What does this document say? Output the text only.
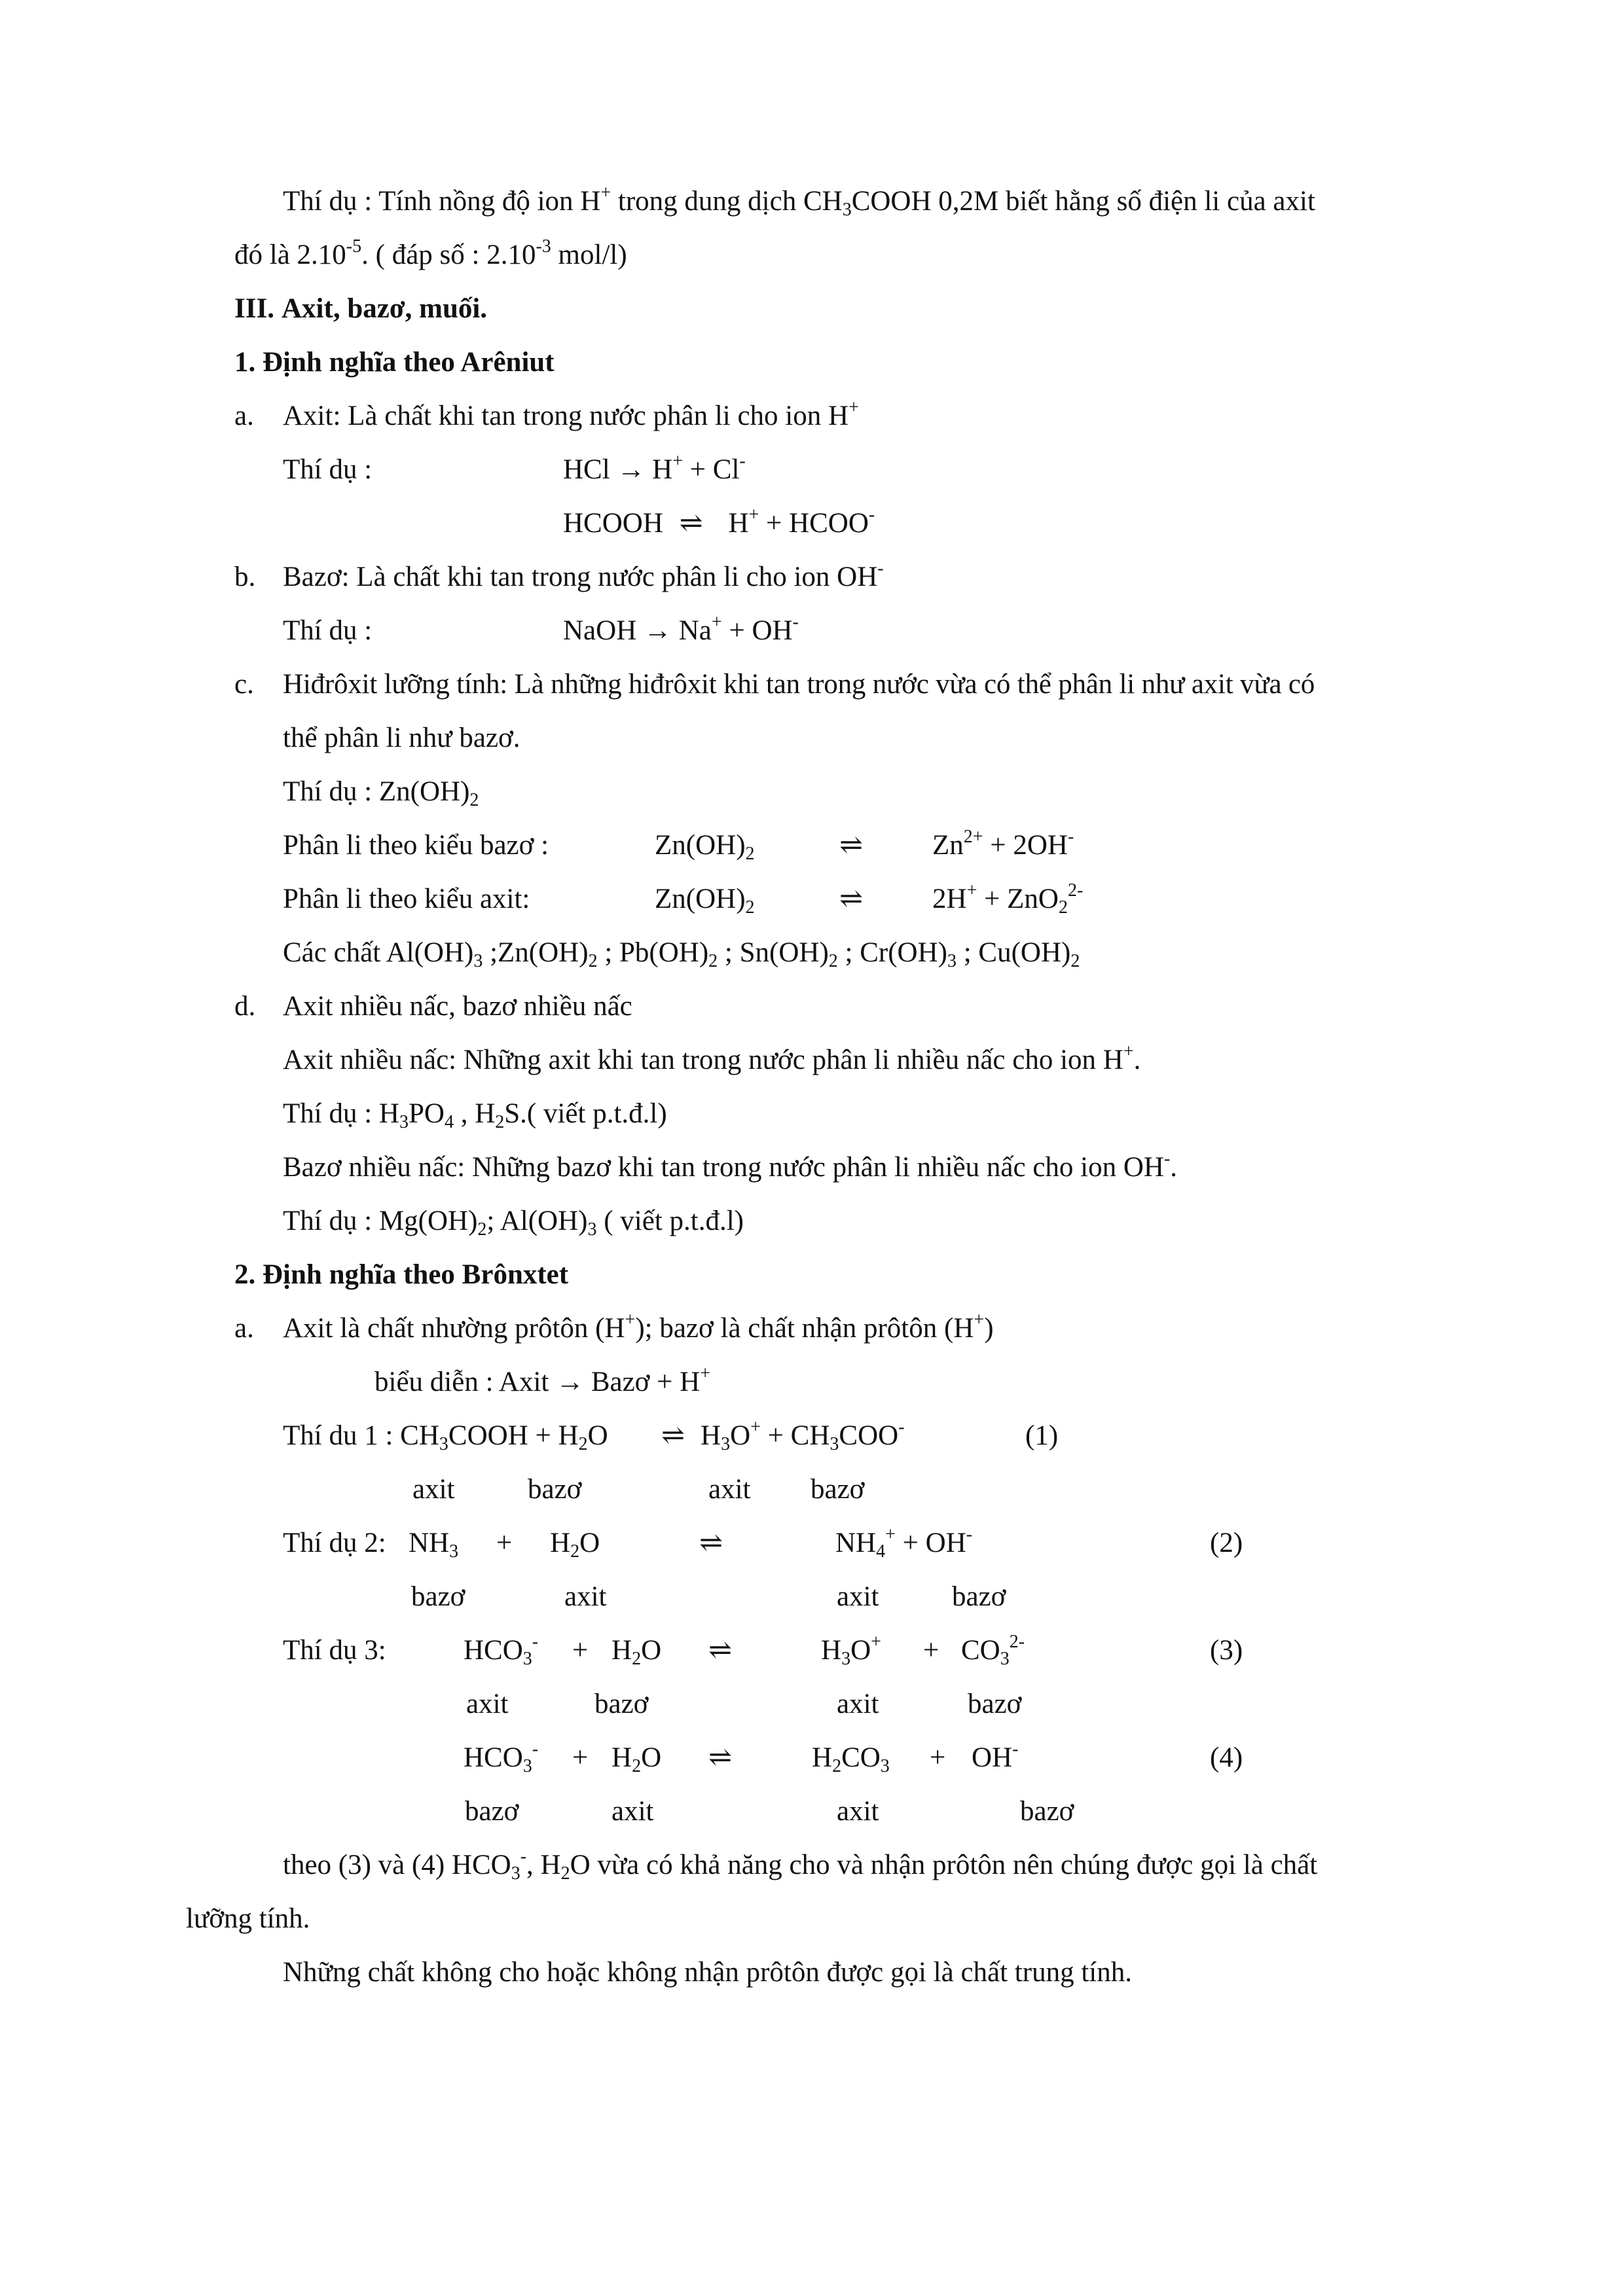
Thí dụ : Tính nồng độ ion H+ trong dung dịch $CH_3COOH$ 0,2M biết hằng số điện li của axit
đó là $2.10^{-5}$. ( đáp số : $2.10^{-3}$ mol/l)
III. Axit, bazơ, muối.
1. Định nghĩa theo Arêniut
a. Axit: Là chất khi tan trong nước phân li cho ion H+
Thí dụ :	HCl → H+ + Cl-
HCOOH ⇌ H+ + HCOO-
b. Bazơ: Là chất khi tan trong nước phân li cho ion OH-
Thí dụ :	NaOH → Na+ + OH-
c. Hiđrôxit lưỡng tính: Là những hiđrôxit khi tan trong nước vừa có thể phân li như axit vừa có
thể phân li như bazơ.
Thí dụ : $Zn(OH)_2$
Phân li theo kiểu bazơ :	$Zn(OH)_2$	⇌ $Zn^{2+} + 2OH^-$
Phân li theo kiểu axit:	$Zn(OH)_2$	⇌ 2H+ + ZnO$_2^{2-}$
Các chất $Al(OH)_3$ $;Zn(OH)_2$ ; $Pb(OH)_2$ ; $Sn(OH)_2$ ; $Cr(OH)_3$ ; $Cu(OH)_2$
d. Axit nhiều nấc, bazơ nhiều nấc
Axit nhiều nấc: Những axit khi tan trong nước phân li nhiều nấc cho ion H+.
Thí dụ : $H_3PO_4$ , $H_2S$.( viết p.t.đ.l)
Bazơ nhiều nấc: Những bazơ khi tan trong nước phân li nhiều nấc cho ion OH-.
Thí dụ : $Mg(OH)_2$; $Al(OH)_3$ ( viết p.t.đ.l)
2. Định nghĩa theo Brônxtet
a. Axit là chất nhường prôtôn (H+); bazơ là chất nhận prôtôn (H+)
biểu diễn : Axit → Bazơ + H+
Thí du 1 : $CH_3COOH + H_2O$ ⇌ $H_3O^+ + CH_3COO^-$	(1)
axit	bazơ	axit bazơ
Thí dụ 2: $NH_3 + H_2O$	⇌	$NH_4^+ + OH^-$	(2)
bazơ	axit	axit	bazơ
Thí dụ 3:	$HCO_3^- + H_2O$ ⇌	$H_3O^+ + CO_3^{2-}$	(3)
axit	bazơ	axit	bazơ
$HCO_3^- + H_2O$ ⇌	$H_2CO_3 + OH^-$	(4)
bazơ	axit	axit	bazơ
theo (3) và (4) $HCO_3^-$, $H_2O$ vừa có khả năng cho và nhận prôtôn nên chúng được gọi là chất
lưỡng tính.
Những chất không cho hoặc không nhận prôtôn được gọi là chất trung tính.
